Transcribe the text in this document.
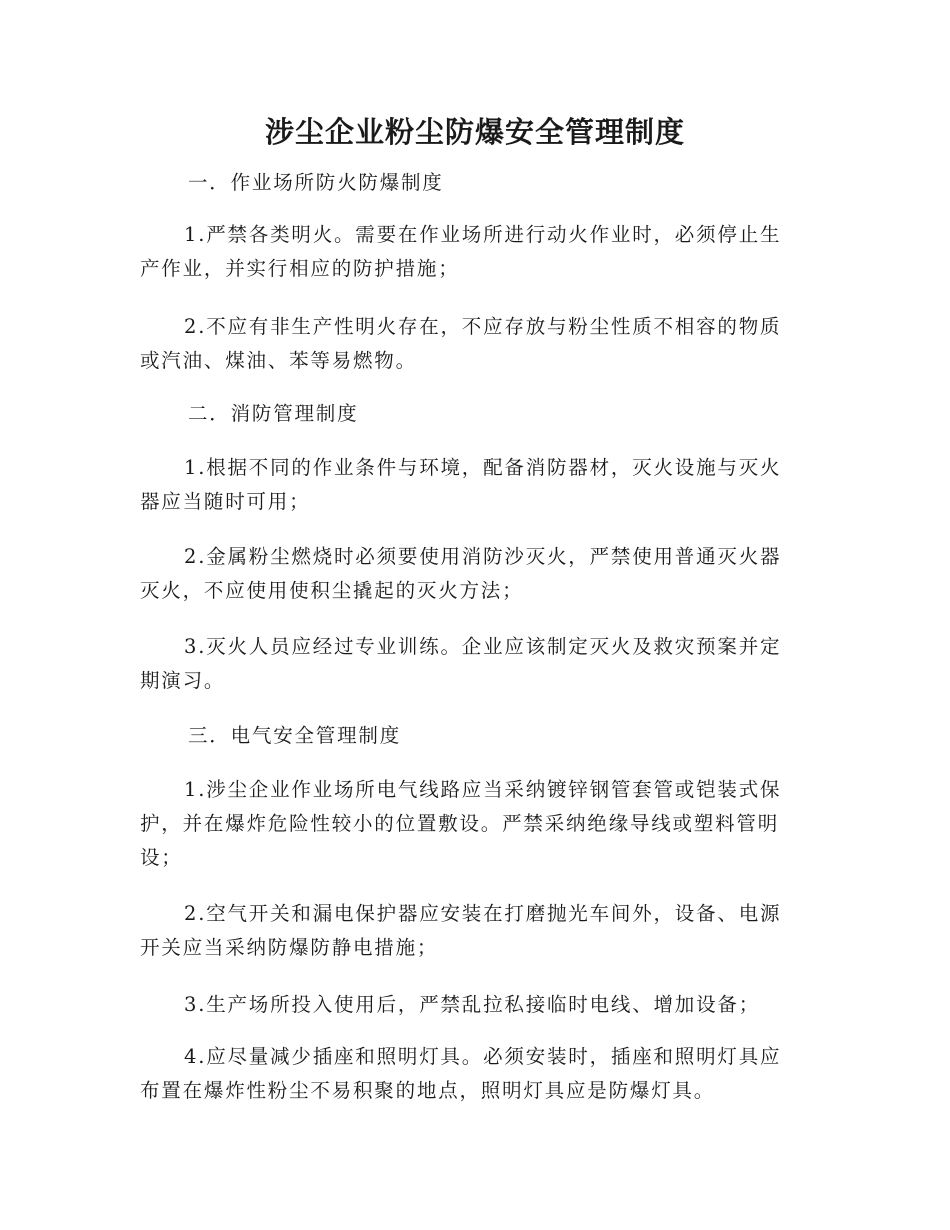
涉尘企业粉尘防爆安全管理制度

一．作业场所防火防爆制度

1.严禁各类明火。需要在作业场所进行动火作业时，必须停止生产作业，并实行相应的防护措施；

2.不应有非生产性明火存在，不应存放与粉尘性质不相容的物质或汽油、煤油、苯等易燃物。

二．消防管理制度

1.根据不同的作业条件与环境，配备消防器材，灭火设施与灭火器应当随时可用；

2.金属粉尘燃烧时必须要使用消防沙灭火，严禁使用普通灭火器灭火，不应使用使积尘撬起的灭火方法；

3.灭火人员应经过专业训练。企业应该制定灭火及救灾预案并定期演习。

三．电气安全管理制度

1.涉尘企业作业场所电气线路应当采纳镀锌钢管套管或铠装式保护，并在爆炸危险性较小的位置敷设。严禁采纳绝缘导线或塑料管明设；

2.空气开关和漏电保护器应安装在打磨抛光车间外，设备、电源开关应当采纳防爆防静电措施；

3.生产场所投入使用后，严禁乱拉私接临时电线、增加设备；

4.应尽量减少插座和照明灯具。必须安装时，插座和照明灯具应布置在爆炸性粉尘不易积聚的地点，照明灯具应是防爆灯具。
